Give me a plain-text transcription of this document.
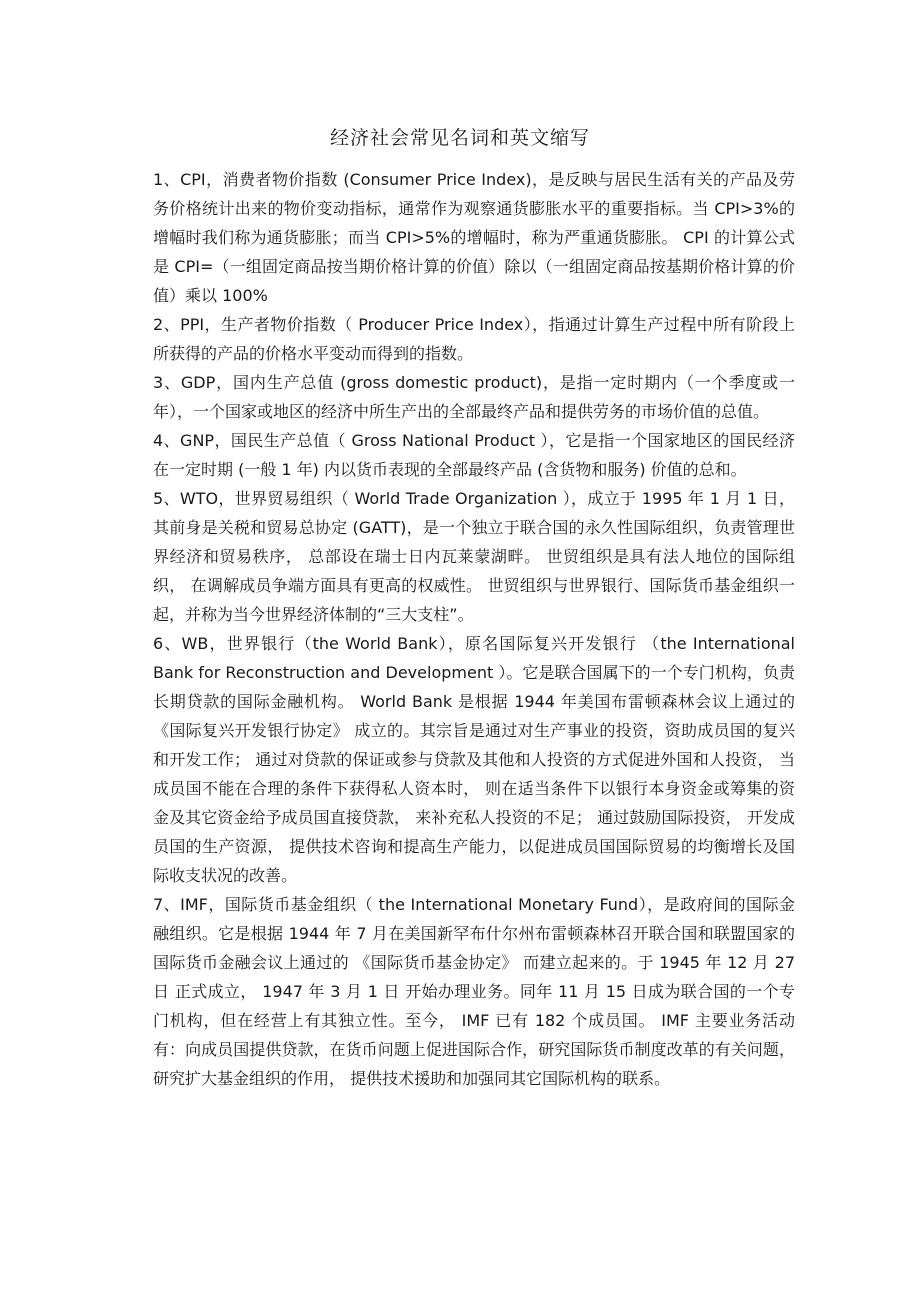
经济社会常见名词和英文缩写

1、CPI，消费者物价指数 (Consumer Price Index)，是反映与居民生活有关的产品及劳务价格统计出来的物价变动指标，通常作为观察通货膨胀水平的重要指标。当 CPI>3%的增幅时我们称为通货膨胀；而当 CPI>5%的增幅时，称为严重通货膨胀。 CPI 的计算公式是 CPI=（一组固定商品按当期价格计算的价值）除以（一组固定商品按基期价格计算的价值）乘以 100%

2、PPI，生产者物价指数（ Producer Price Index），指通过计算生产过程中所有阶段上所获得的产品的价格水平变动而得到的指数。

3、GDP，国内生产总值 (gross domestic product)，是指一定时期内（一个季度或一年），一个国家或地区的经济中所生产出的全部最终产品和提供劳务的市场价值的总值。

4、GNP，国民生产总值（ Gross National Product ），它是指一个国家地区的国民经济在一定时期 (一般 1 年) 内以货币表现的全部最终产品 (含货物和服务) 价值的总和。

5、WTO，世界贸易组织（ World Trade Organization ），成立于 1995 年 1 月 1 日，其前身是关税和贸易总协定 (GATT)，是一个独立于联合国的永久性国际组织，负责管理世界经济和贸易秩序， 总部设在瑞士日内瓦莱蒙湖畔。 世贸组织是具有法人地位的国际组织， 在调解成员争端方面具有更高的权威性。 世贸组织与世界银行、国际货币基金组织一起，并称为当今世界经济体制的“三大支柱”。

6、WB，世界银行（the World Bank），原名国际复兴开发银行 （the International Bank for Reconstruction and Development ）。它是联合国属下的一个专门机构，负责长期贷款的国际金融机构。 World Bank 是根据 1944 年美国布雷顿森林会议上通过的 《国际复兴开发银行协定》 成立的。其宗旨是通过对生产事业的投资，资助成员国的复兴和开发工作； 通过对贷款的保证或参与贷款及其他和人投资的方式促进外国和人投资， 当成员国不能在合理的条件下获得私人资本时， 则在适当条件下以银行本身资金或筹集的资金及其它资金给予成员国直接贷款， 来补充私人投资的不足； 通过鼓励国际投资， 开发成员国的生产资源， 提供技术咨询和提高生产能力，以促进成员国国际贸易的均衡增长及国际收支状况的改善。

7、IMF，国际货币基金组织（ the International Monetary Fund），是政府间的国际金融组织。它是根据 1944 年 7 月在美国新罕布什尔州布雷顿森林召开联合国和联盟国家的国际货币金融会议上通过的 《国际货币基金协定》 而建立起来的。于 1945 年 12 月 27 日 正式成立， 1947 年 3 月 1 日 开始办理业务。同年 11 月 15 日成为联合国的一个专门机构，但在经营上有其独立性。至今， IMF 已有 182 个成员国。 IMF 主要业务活动有：向成员国提供贷款，在货币问题上促进国际合作，研究国际货币制度改革的有关问题， 研究扩大基金组织的作用， 提供技术援助和加强同其它国际机构的联系。
